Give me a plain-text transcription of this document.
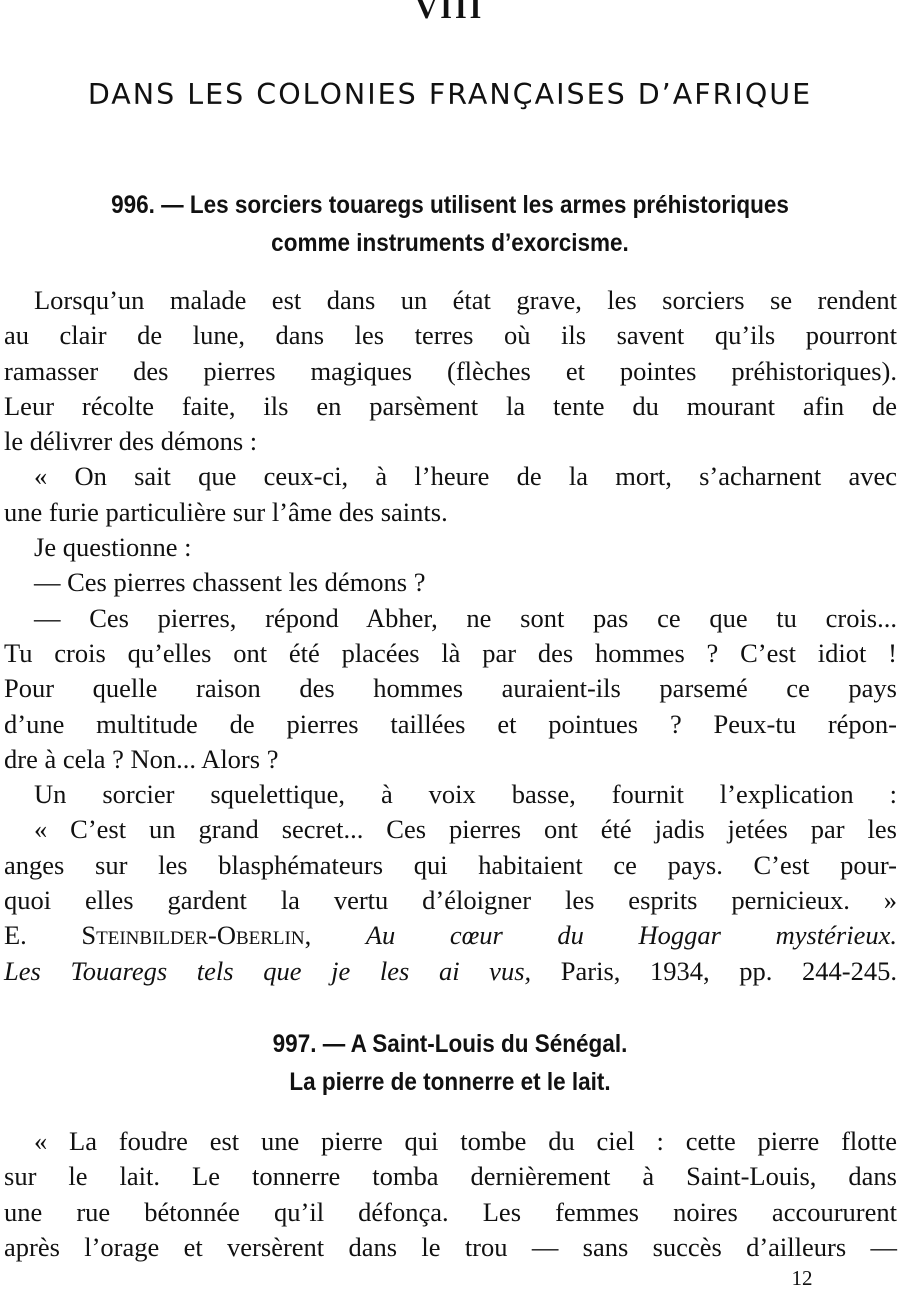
VIII
DANS LES COLONIES FRANÇAISES D’AFRIQUE
996. — Les sorciers touaregs utilisent les armes préhistoriques
comme instruments d’exorcisme.
Lorsqu’un malade est dans un état grave, les sorciers se rendent
au clair de lune, dans les terres où ils savent qu’ils pourront
ramasser des pierres magiques (flèches et pointes préhistoriques).
Leur récolte faite, ils en parsèment la tente du mourant afin de
le délivrer des démons :
« On sait que ceux-ci, à l’heure de la mort, s’acharnent avec
une furie particulière sur l’âme des saints.
Je questionne :
— Ces pierres chassent les démons ?
— Ces pierres, répond Abher, ne sont pas ce que tu crois...
Tu crois qu’elles ont été placées là par des hommes ? C’est idiot !
Pour quelle raison des hommes auraient-ils parsemé ce pays
d’une multitude de pierres taillées et pointues ? Peux-tu répon-
dre à cela ? Non... Alors ?
Un sorcier squelettique, à voix basse, fournit l’explication :
« C’est un grand secret... Ces pierres ont été jadis jetées par les
anges sur les blasphémateurs qui habitaient ce pays. C’est pour-
quoi elles gardent la vertu d’éloigner les esprits pernicieux. »
E. Steinbilder-Oberlin, Au cœur du Hoggar mystérieux.
Les Touaregs tels que je les ai vus, Paris, 1934, pp. 244-245.
997. — A Saint-Louis du Sénégal.
La pierre de tonnerre et le lait.
« La foudre est une pierre qui tombe du ciel : cette pierre flotte
sur le lait. Le tonnerre tomba dernièrement à Saint-Louis, dans
une rue bétonnée qu’il défonça. Les femmes noires accoururent
après l’orage et versèrent dans le trou — sans succès d’ailleurs —
12
